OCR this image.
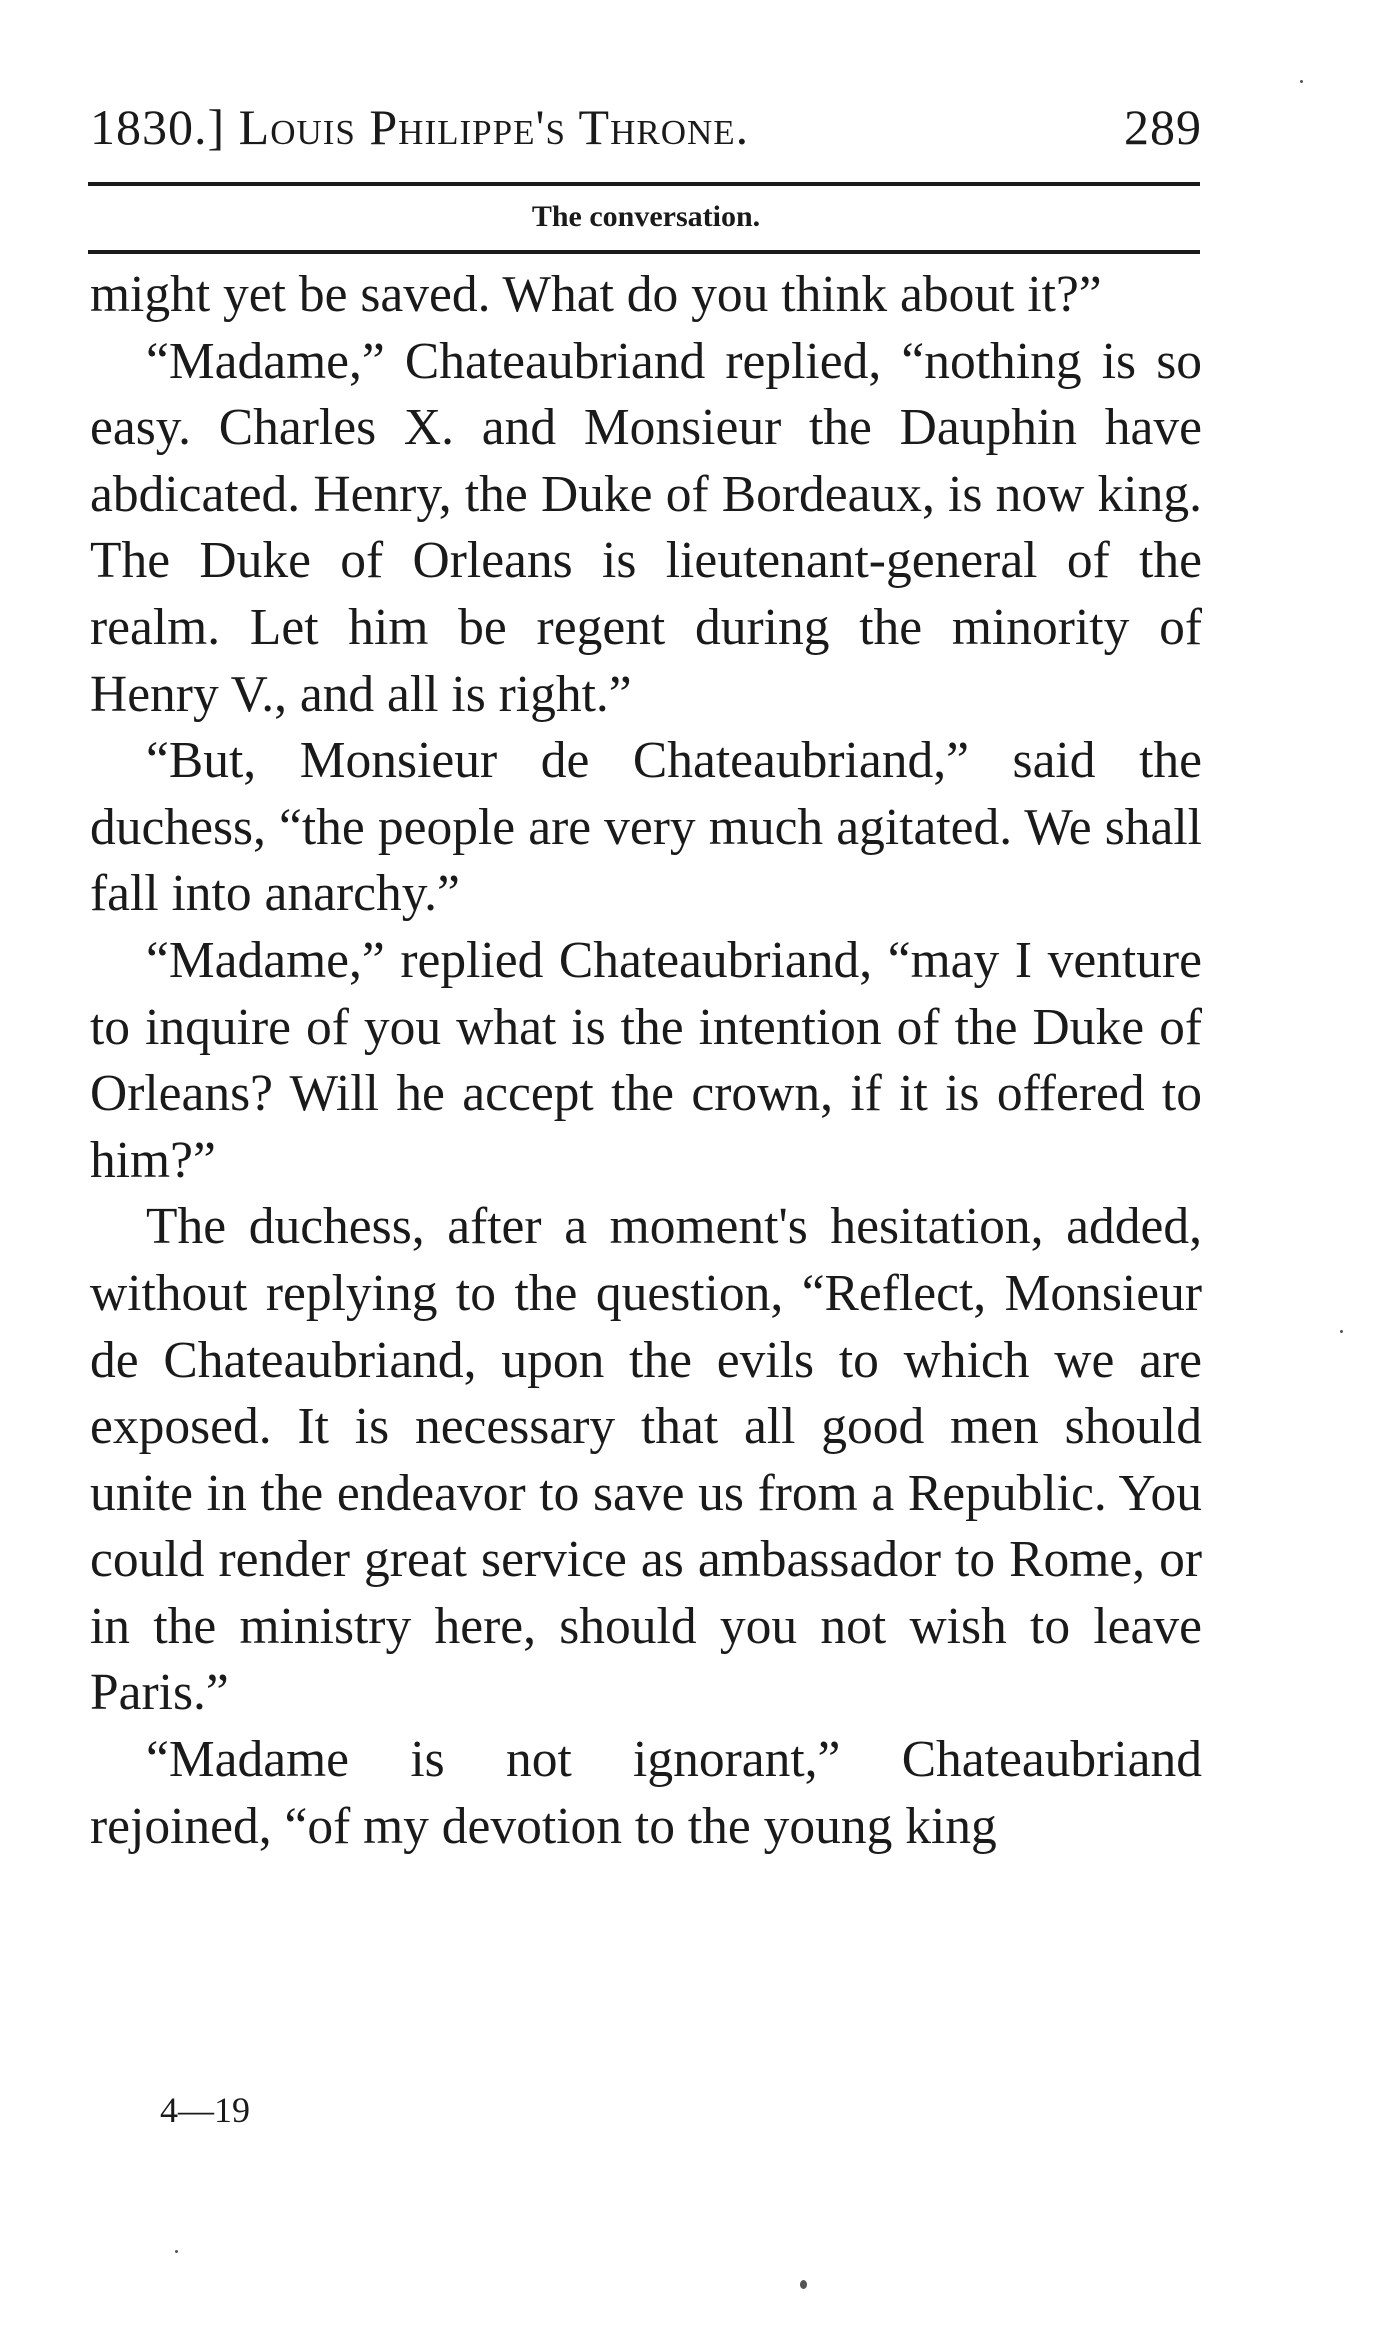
1830.] Louis Philippe's Throne.	289
The conversation.

might yet be saved. What do you think about it?”

“Madame,” Chateaubriand replied, “nothing is so easy. Charles X. and Monsieur the Dauphin have abdicated. Henry, the Duke of Bordeaux, is now king. The Duke of Orleans is lieutenant-general of the realm. Let him be regent during the minority of Henry V., and all is right.”

“But, Monsieur de Chateaubriand,” said the duchess, “the people are very much agitated. We shall fall into anarchy.”

“Madame,” replied Chateaubriand, “may I venture to inquire of you what is the intention of the Duke of Orleans? Will he accept the crown, if it is offered to him?”

The duchess, after a moment's hesitation, added, without replying to the question, “Reflect, Monsieur de Chateaubriand, upon the evils to which we are exposed. It is necessary that all good men should unite in the endeavor to save us from a Republic. You could render great service as ambassador to Rome, or in the ministry here, should you not wish to leave Paris.”

“Madame is not ignorant,” Chateaubriand rejoined, “of my devotion to the young king

4—19
